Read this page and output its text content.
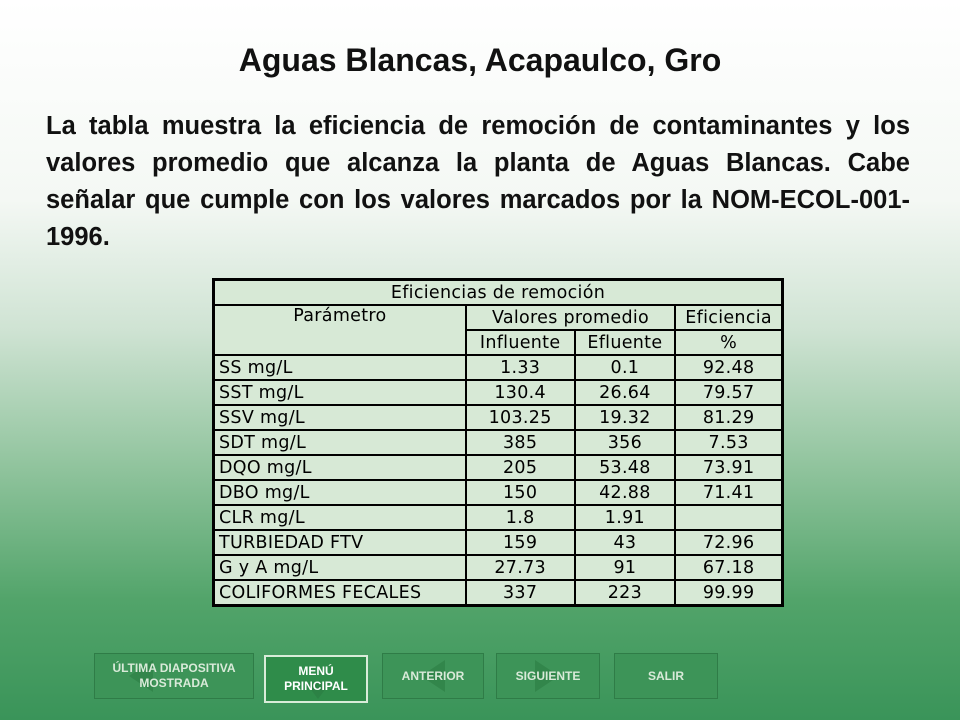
Aguas Blancas, Acapaulco, Gro
La tabla muestra la eficiencia de remoción de contaminantes y los valores promedio que alcanza la planta de Aguas Blancas. Cabe señalar que cumple con los valores marcados por la NOM-ECOL-001-1996.
Eficiencias de remoción			
Parámetro	Valores promedio		Eficiencia
	Influente	Efluente	%
SS mg/L	1.33	0.1	92.48
SST mg/L	130.4	26.64	79.57
SSV mg/L	103.25	19.32	81.29
SDT mg/L	385	356	7.53
DQO mg/L	205	53.48	73.91
DBO mg/L	150	42.88	71.41
CLR mg/L	1.8	1.91	
TURBIEDAD FTV	159	43	72.96
G y A mg/L	27.73	91	67.18
COLIFORMES FECALES	337	223	99.99
ÚLTIMA DIAPOSITIVA MOSTRADA
MENÚ PRINCIPAL
ANTERIOR	SIGUIENTE	SALIR
